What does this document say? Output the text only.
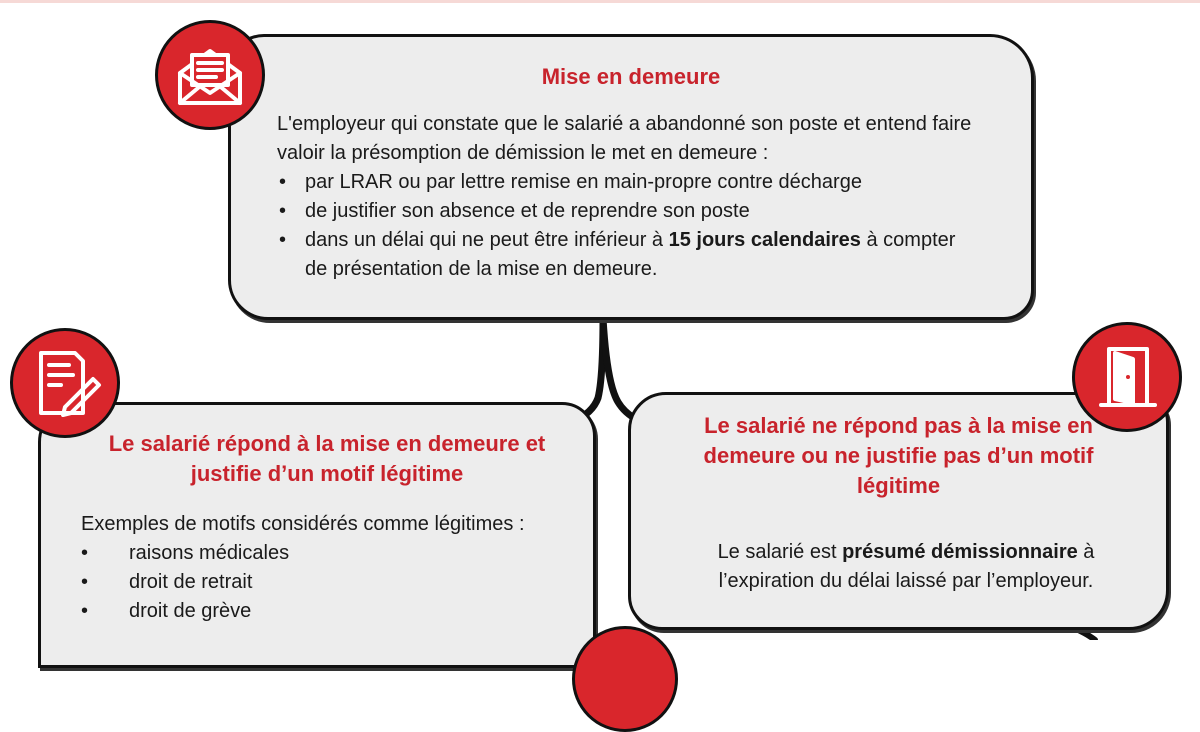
Mise en demeure
L'employeur qui constate que le salarié a abandonné son poste et entend faire valoir la présomption de démission le met en demeure :
• par LRAR ou par lettre remise en main-propre contre décharge
• de justifier son absence et de reprendre son poste
• dans un délai qui ne peut être inférieur à 15 jours calendaires à compter de présentation de la mise en demeure.
Le salarié répond à la mise en demeure et justifie d’un motif légitime
Exemples de motifs considérés comme légitimes :
• raisons médicales
• droit de retrait
• droit de grève
Le salarié ne répond pas à la mise en demeure ou ne justifie pas d’un motif légitime
Le salarié est présumé démissionnaire à l’expiration du délai laissé par l’employeur.
